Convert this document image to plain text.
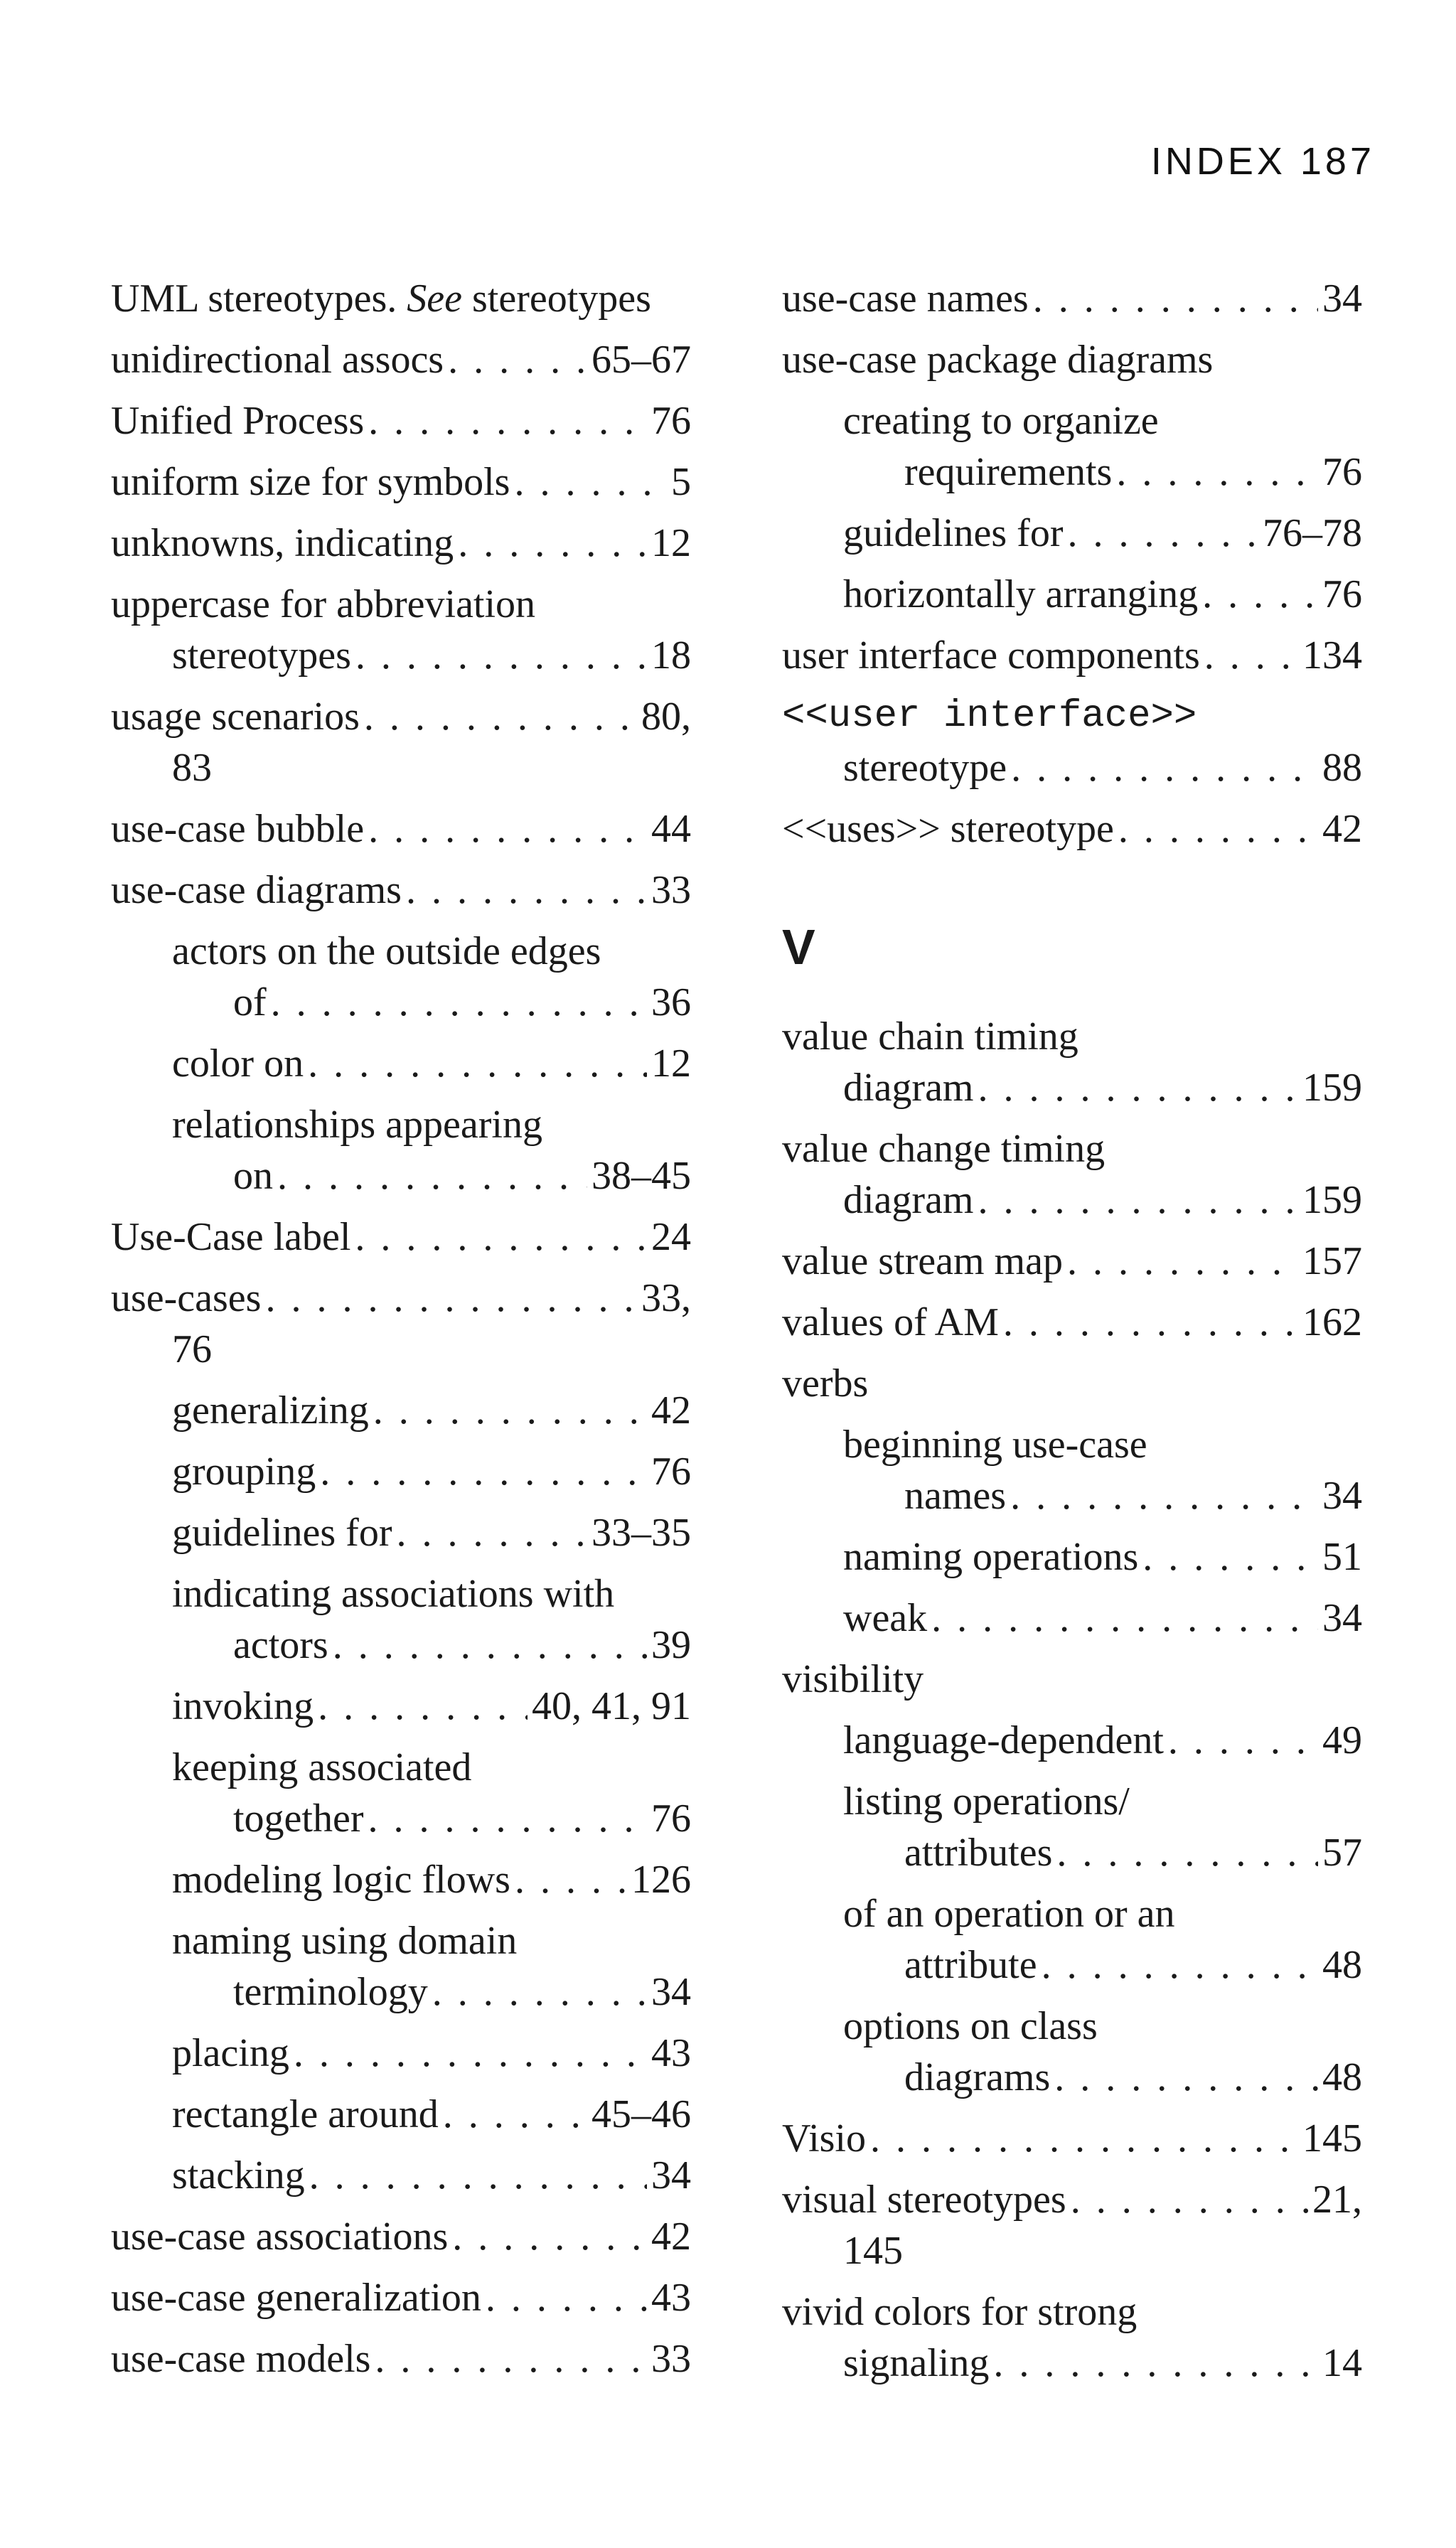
INDEX 187
UML stereotypes. See stereotypes
unidirectional assocs . . .	65–67
Unified Process . . .	76
uniform size for symbols . . .	5
unknowns, indicating . . .	12
uppercase for abbreviation
stereotypes . . .	18
usage scenarios . . .	80,
83
use-case bubble . . .	44
use-case diagrams . . .	33
actors on the outside edges
of . . .	36
color on . . .	12
relationships appearing
on . . .	38–45
Use-Case label . . .	24
use-cases . . .	33,
76
generalizing . . .	42
grouping . . .	76
guidelines for . . .	33–35
indicating associations with
actors . . .	39
invoking . . .	40, 41, 91
keeping associated
together . . .	76
modeling logic flows . . .	126
naming using domain
terminology . . .	34
placing . . .	43
rectangle around . . .	45–46
stacking . . .	34
use-case associations . . .	42
use-case generalization . . .	43
use-case models . . .	33
use-case names . . .	34
use-case package diagrams
creating to organize
requirements . . .	76
guidelines for . . .	76–78
horizontally arranging . . .	76
user interface components . . .	134
<<user interface>>
stereotype . . .	88
<<uses>> stereotype . . .	42
V
value chain timing
diagram . . .	159
value change timing
diagram . . .	159
value stream map . . .	157
values of AM . . .	162
verbs
beginning use-case
names . . .	34
naming operations . . .	51
weak . . .	34
visibility
language-dependent . . .	49
listing operations/
attributes . . .	57
of an operation or an
attribute . . .	48
options on class
diagrams . . .	48
Visio . . .	145
visual stereotypes . . .	21,
145
vivid colors for strong
signaling . . .	14
